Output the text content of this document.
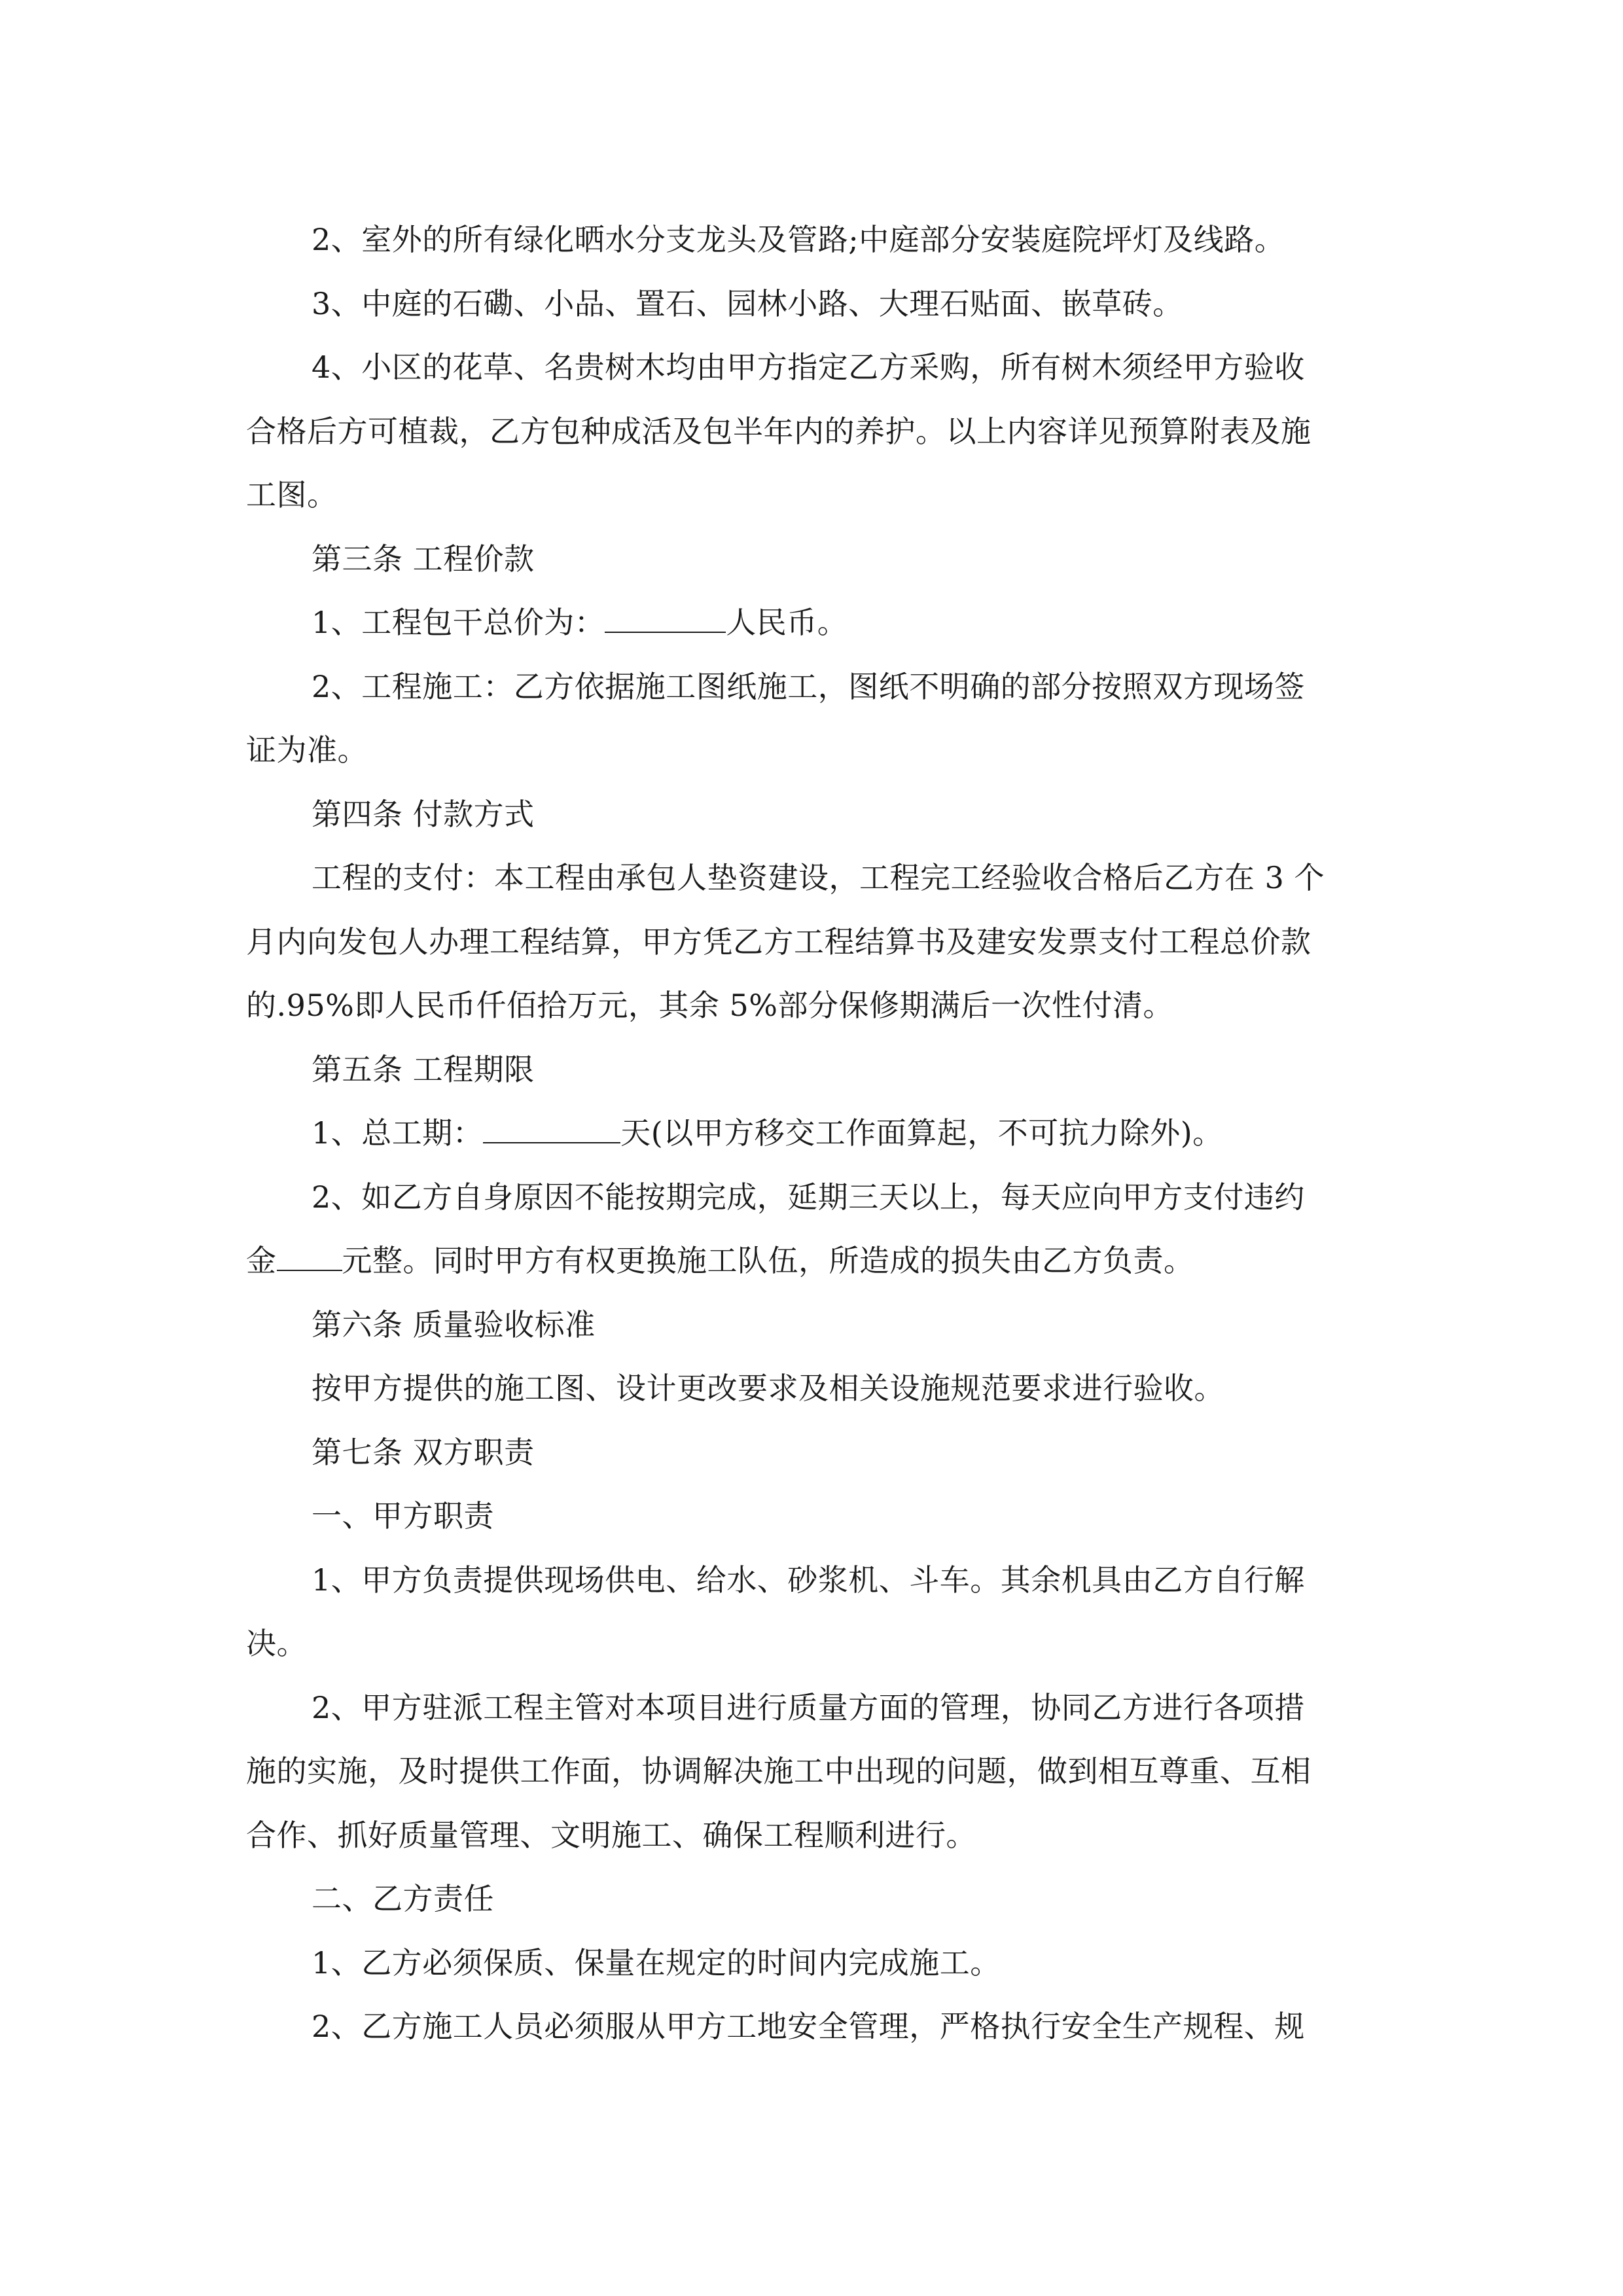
2、室外的所有绿化晒水分支龙头及管路;中庭部分安装庭院坪灯及线路。
3、中庭的石磡、小品、置石、园林小路、大理石贴面、嵌草砖。
4、小区的花草、名贵树木均由甲方指定乙方采购，所有树木须经甲方验收
合格后方可植裁，乙方包种成活及包半年内的养护。以上内容详见预算附表及施
工图。
第三条 工程价款
1、工程包干总价为：	人民币。
2、工程施工：乙方依据施工图纸施工，图纸不明确的部分按照双方现场签
证为准。
第四条 付款方式
工程的支付：本工程由承包人垫资建设，工程完工经验收合格后乙方在 3 个
月内向发包人办理工程结算，甲方凭乙方工程结算书及建安发票支付工程总价款
的.95%即人民币仟佰拾万元，其余 5%部分保修期满后一次性付清。
第五条 工程期限
1、总工期：	天(以甲方移交工作面算起，不可抗力除外)。
2、如乙方自身原因不能按期完成，延期三天以上，每天应向甲方支付违约
金 元整。同时甲方有权更换施工队伍，所造成的损失由乙方负责。
第六条 质量验收标准
按甲方提供的施工图、设计更改要求及相关设施规范要求进行验收。
第七条 双方职责
一、甲方职责
1、甲方负责提供现场供电、给水、砂浆机、斗车。其余机具由乙方自行解
决。
2、甲方驻派工程主管对本项目进行质量方面的管理，协同乙方进行各项措
施的实施，及时提供工作面，协调解决施工中出现的问题，做到相互尊重、互相
合作、抓好质量管理、文明施工、确保工程顺利进行。
二、乙方责任
1、乙方必须保质、保量在规定的时间内完成施工。
2、乙方施工人员必须服从甲方工地安全管理，严格执行安全生产规程、规
